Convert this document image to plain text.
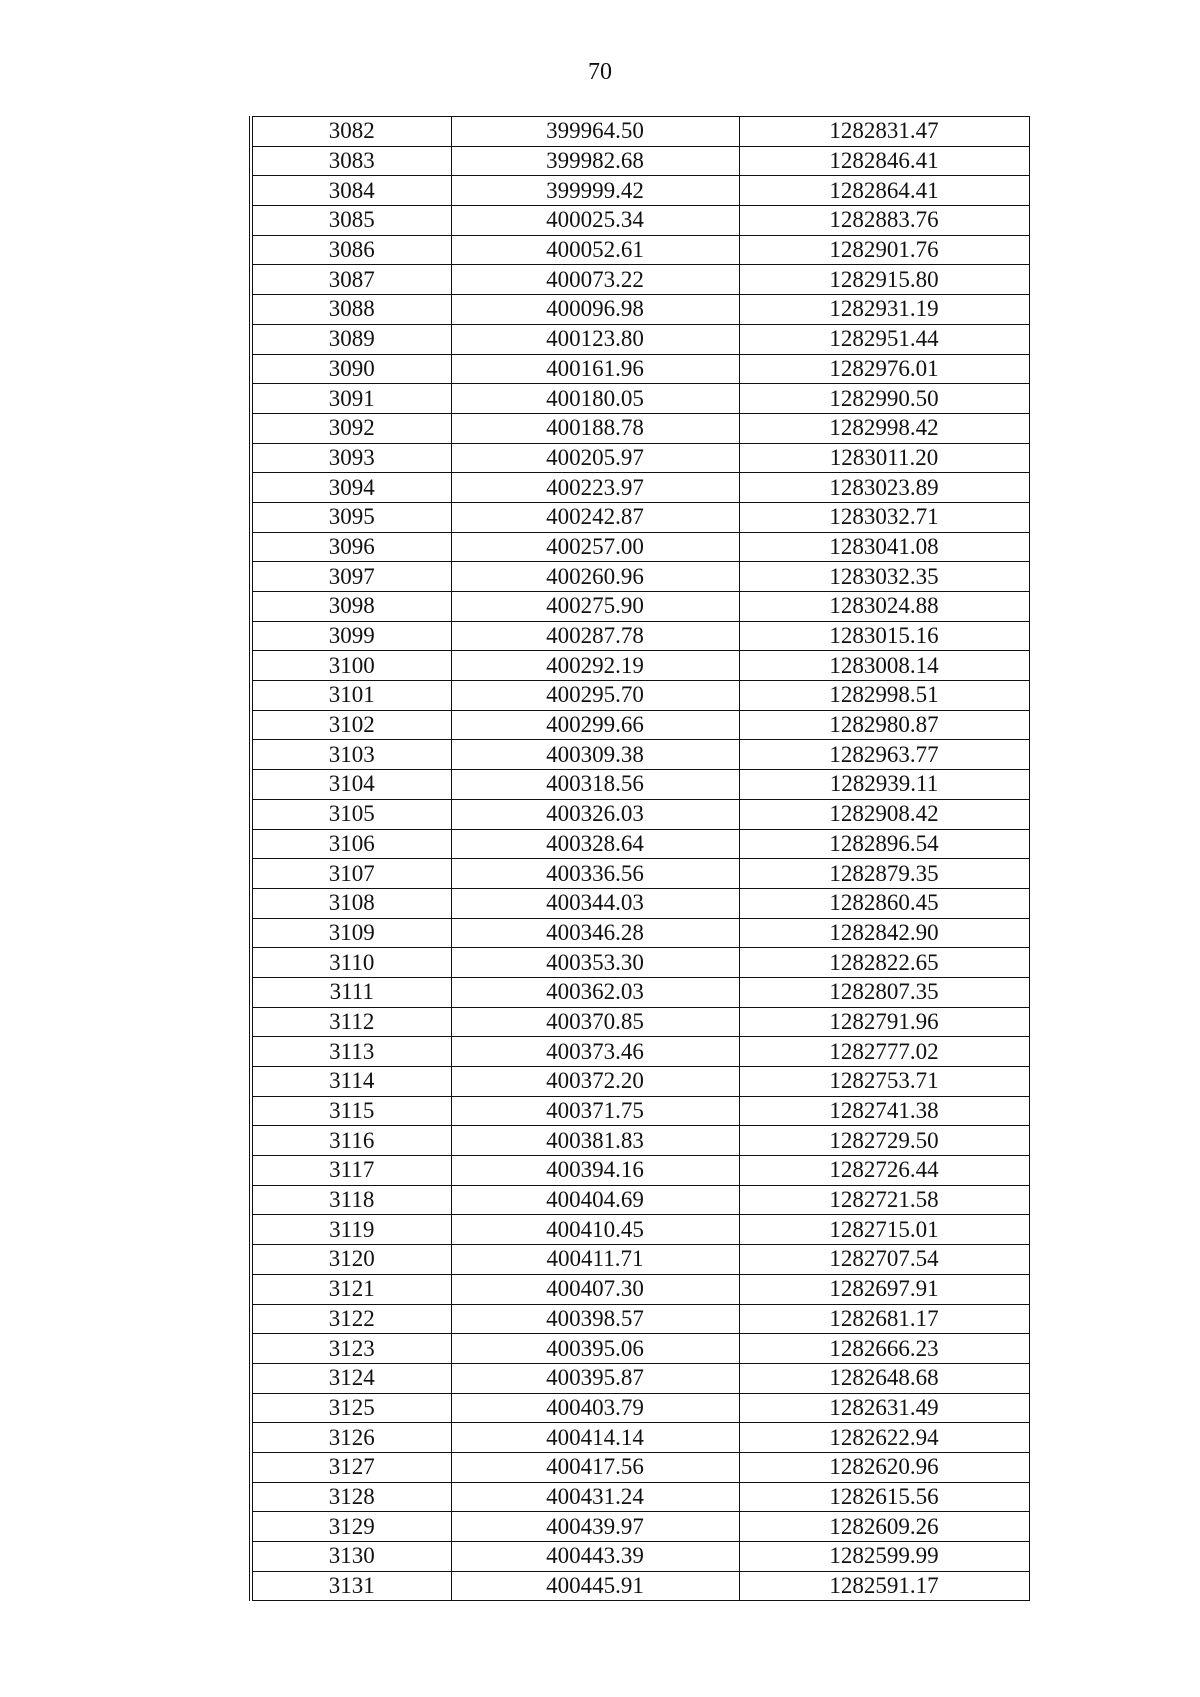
70
3082	399964.50	1282831.47
3083	399982.68	1282846.41
3084	399999.42	1282864.41
3085	400025.34	1282883.76
3086	400052.61	1282901.76
3087	400073.22	1282915.80
3088	400096.98	1282931.19
3089	400123.80	1282951.44
3090	400161.96	1282976.01
3091	400180.05	1282990.50
3092	400188.78	1282998.42
3093	400205.97	1283011.20
3094	400223.97	1283023.89
3095	400242.87	1283032.71
3096	400257.00	1283041.08
3097	400260.96	1283032.35
3098	400275.90	1283024.88
3099	400287.78	1283015.16
3100	400292.19	1283008.14
3101	400295.70	1282998.51
3102	400299.66	1282980.87
3103	400309.38	1282963.77
3104	400318.56	1282939.11
3105	400326.03	1282908.42
3106	400328.64	1282896.54
3107	400336.56	1282879.35
3108	400344.03	1282860.45
3109	400346.28	1282842.90
3110	400353.30	1282822.65
3111	400362.03	1282807.35
3112	400370.85	1282791.96
3113	400373.46	1282777.02
3114	400372.20	1282753.71
3115	400371.75	1282741.38
3116	400381.83	1282729.50
3117	400394.16	1282726.44
3118	400404.69	1282721.58
3119	400410.45	1282715.01
3120	400411.71	1282707.54
3121	400407.30	1282697.91
3122	400398.57	1282681.17
3123	400395.06	1282666.23
3124	400395.87	1282648.68
3125	400403.79	1282631.49
3126	400414.14	1282622.94
3127	400417.56	1282620.96
3128	400431.24	1282615.56
3129	400439.97	1282609.26
3130	400443.39	1282599.99
3131	400445.91	1282591.17
